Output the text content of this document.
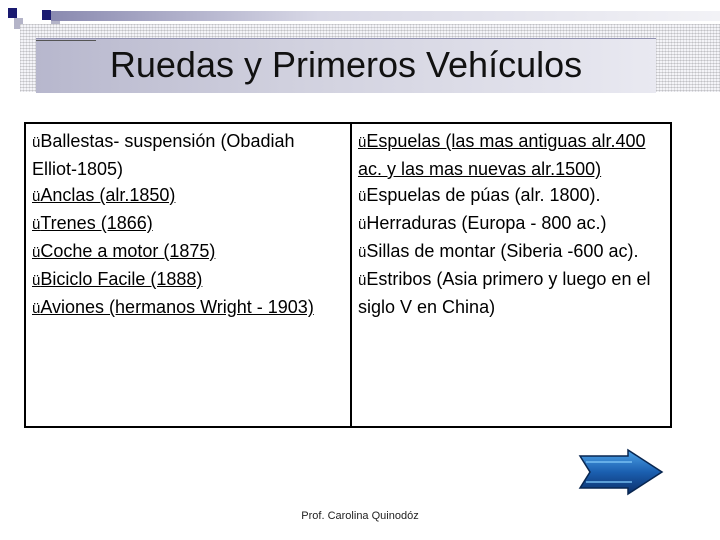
Ruedas y Primeros Vehículos
üBallestas- suspensión (Obadiah Elliot-1805)
üAnclas (alr.1850)
üTrenes (1866)
üCoche a motor (1875)
üBiciclo Facile (1888)
üAviones (hermanos Wright - 1903)
üEspuelas (las mas antiguas alr.400 ac. y las mas nuevas alr.1500)
üEspuelas de púas (alr. 1800).
üHerraduras (Europa - 800 ac.)
üSillas de montar (Siberia -600 ac).
üEstribos (Asia primero y luego en el siglo V en China)
Prof. Carolina Quinodóz
